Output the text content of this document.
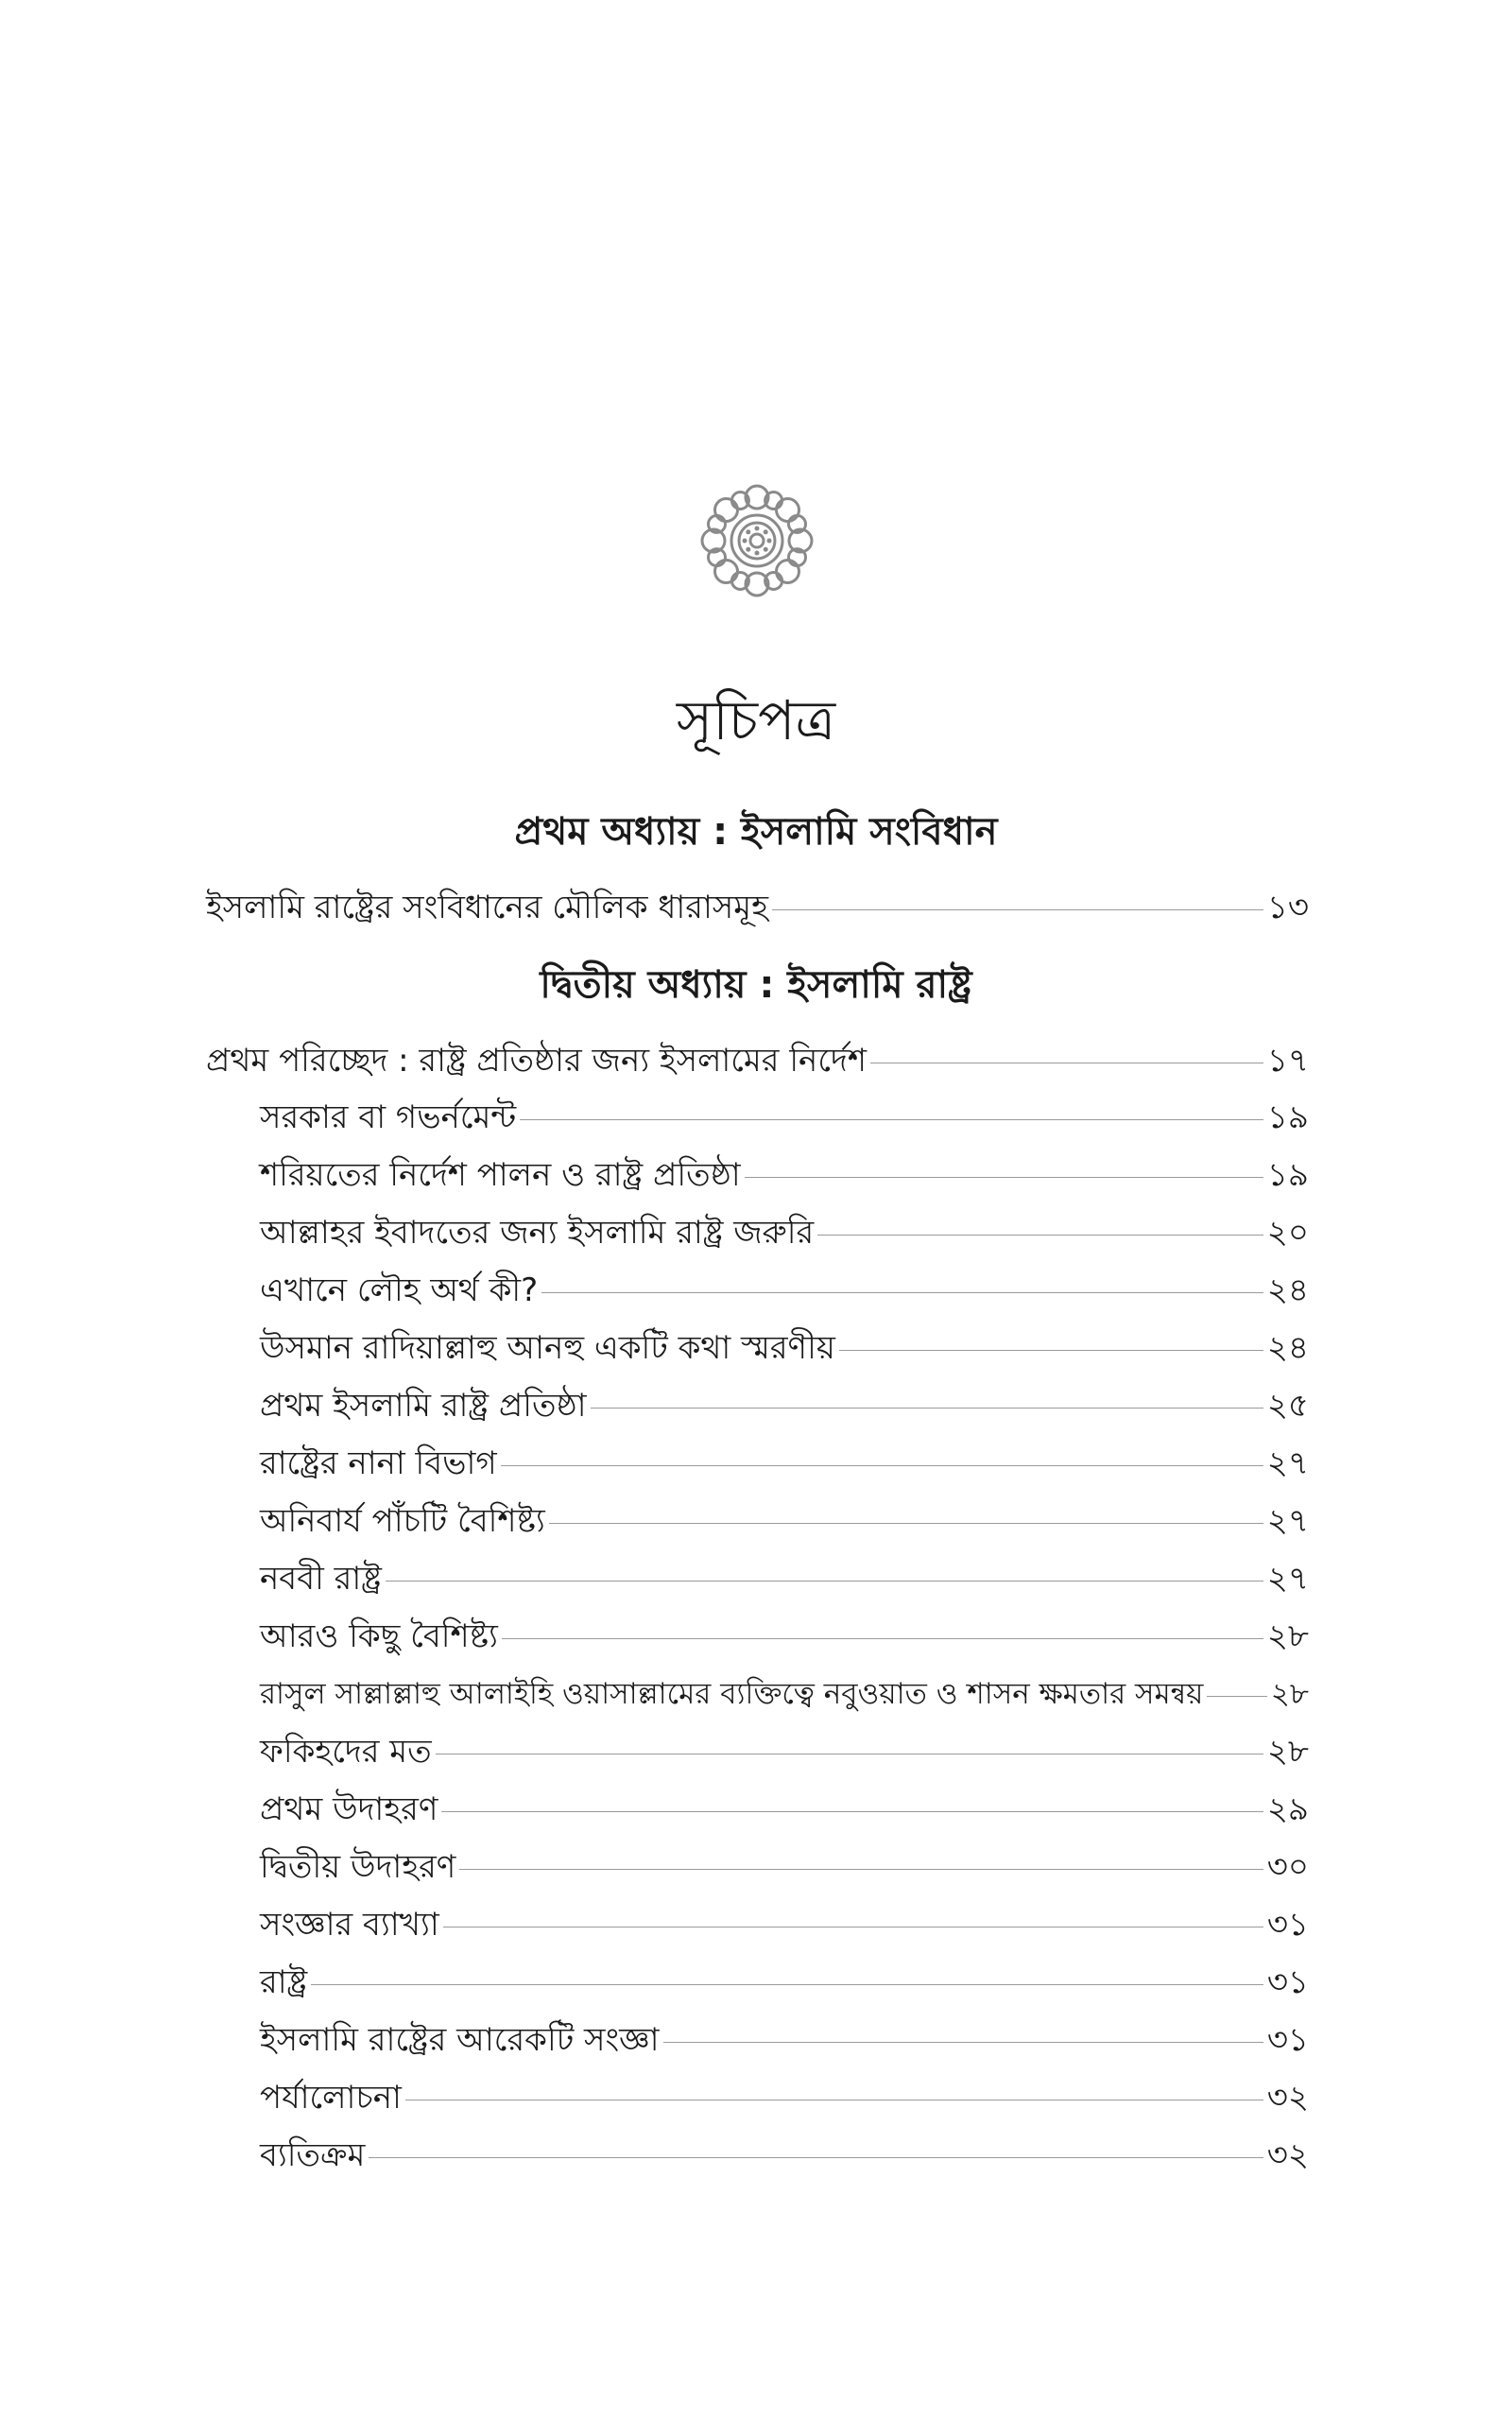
সূচিপত্র
প্রথম অধ্যায় : ইসলামি সংবিধান
ইসলামি রাষ্ট্রের সংবিধানের মৌলিক ধারাসমূহ	১৩
দ্বিতীয় অধ্যায় : ইসলামি রাষ্ট্র
প্রথম পরিচ্ছেদ : রাষ্ট্র প্রতিষ্ঠার জন্য ইসলামের নির্দেশ	১৭
সরকার বা গভর্নমেন্ট	১৯
শরিয়তের নির্দেশ পালন ও রাষ্ট্র প্রতিষ্ঠা	১৯
আল্লাহর ইবাদতের জন্য ইসলামি রাষ্ট্র জরুরি	২০
এখানে লৌহ অর্থ কী?	২৪
উসমান রাদিয়াল্লাহু আনহু একটি কথা স্মরণীয়	২৪
প্রথম ইসলামি রাষ্ট্র প্রতিষ্ঠা	২৫
রাষ্ট্রের নানা বিভাগ	২৭
অনিবার্য পাঁচটি বৈশিষ্ট্য	২৭
নববী রাষ্ট্র	২৭
আরও কিছু বৈশিষ্ট্য	২৮
রাসুল সাল্লাল্লাহু আলাইহি ওয়াসাল্লামের ব্যক্তিত্বে নবুওয়াত ও শাসন ক্ষমতার সমন্বয় ২৮
ফকিহদের মত	২৮
প্রথম উদাহরণ	২৯
দ্বিতীয় উদাহরণ	৩০
সংজ্ঞার ব্যাখ্যা	৩১
রাষ্ট্র	৩১
ইসলামি রাষ্ট্রের আরেকটি সংজ্ঞা	৩১
পর্যালোচনা	৩২
ব্যতিক্রম	৩২
